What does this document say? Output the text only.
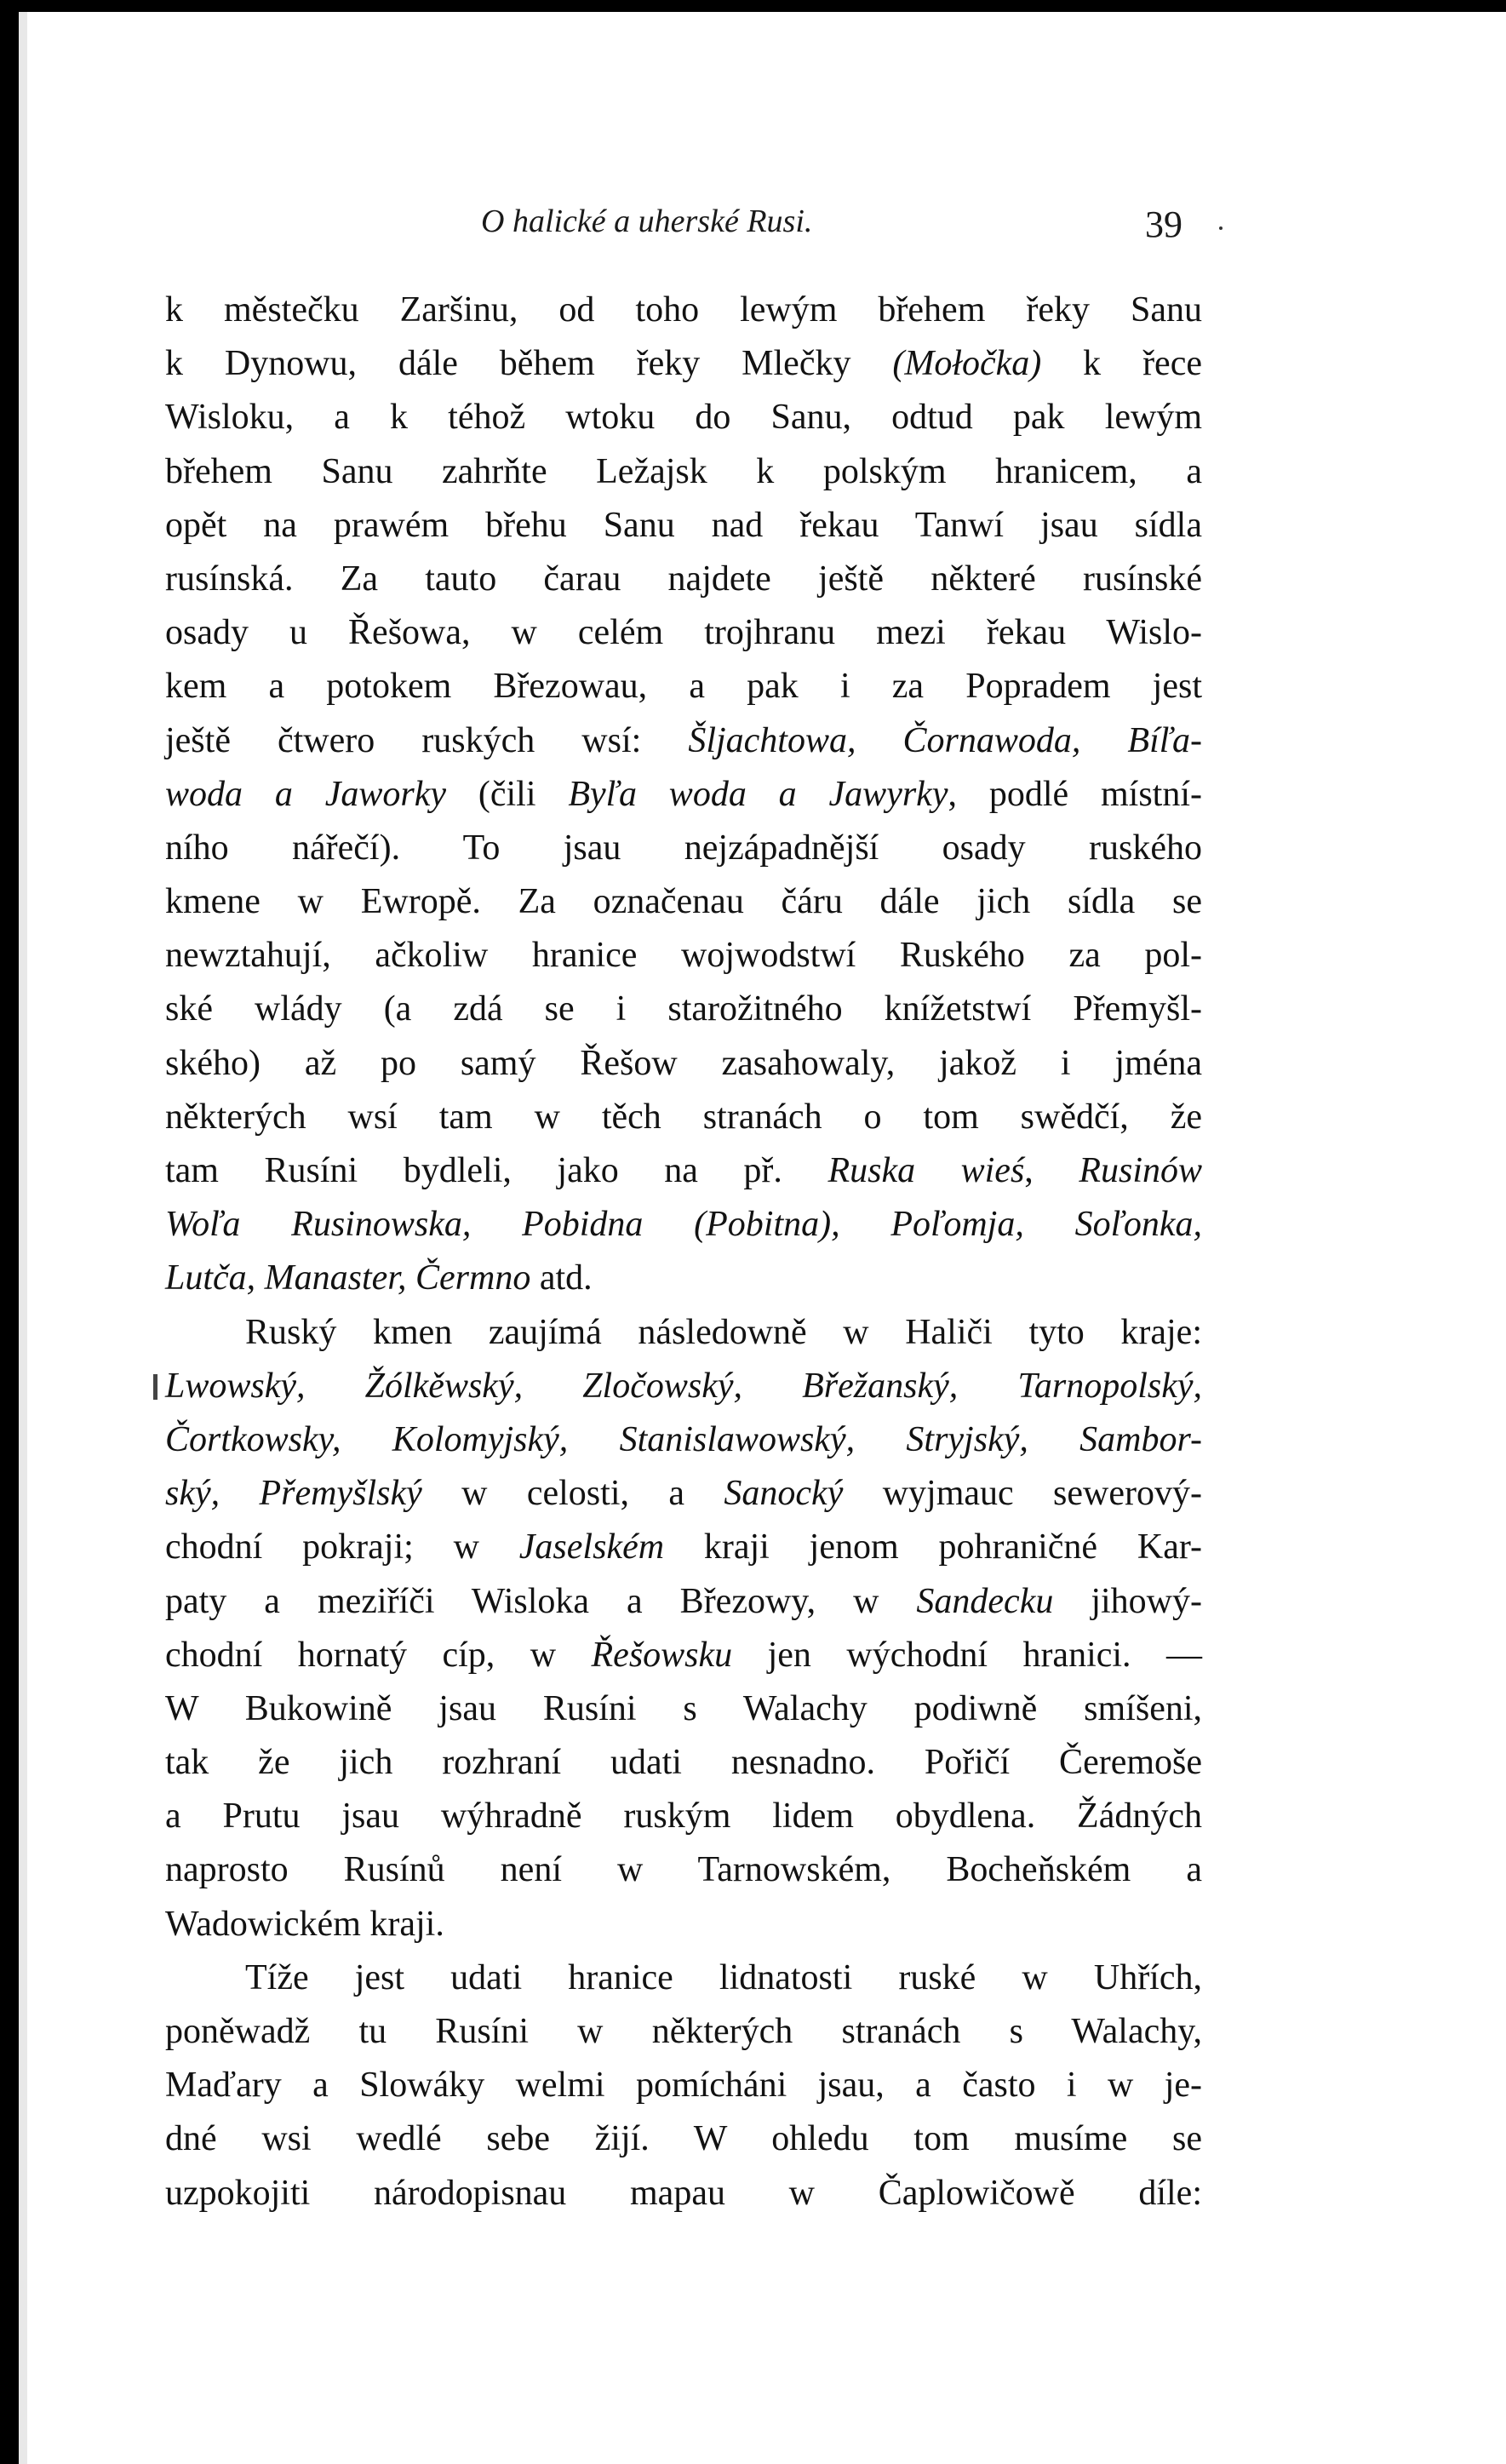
O halické a uherské Rusi.	39
k městečku Zaršinu, od toho lewým břehem řeky Sanu
k Dynowu, dále během řeky Mlečky (Mołočka) k řece
Wisloku, a k téhož wtoku do Sanu, odtud pak lewým
břehem Sanu zahrňte Ležajsk k polským hranicem, a
opět na prawém břehu Sanu nad řekau Tanwí jsau sídla
rusínská. Za tauto čarau najdete ještě některé rusínské
osady u Řešowa, w celém trojhranu mezi řekau Wislo-
kem a potokem Březowau, a pak i za Popradem jest
ještě čtwero ruských wsí: Šljachtowa, Čornawoda, Bíľa-
woda a Jaworky (čili Byľa woda a Jawyrky, podlé místní-
ního nářečí). To jsau nejzápadnější osady ruského
kmene w Ewropě. Za označenau čáru dále jich sídla se
newztahují, ačkoliw hranice wojwodstwí Ruského za pol-
ské wlády (a zdá se i starožitného knížetstwí Přemyšl-
ského) až po samý Řešow zasahowaly, jakož i jména
některých wsí tam w těch stranách o tom swědčí, že
tam Rusíni bydleli, jako na př. Ruska wieś, Rusinów
Woľa Rusinowska, Pobidna (Pobitna), Poľomja, Soľonka,
Lutča, Manaster, Čermno atd.
Ruský kmen zaujímá následowně w Haliči tyto kraje:
Lwowský, Žólkěwský, Zločowský, Břežanský, Tarnopolský,
Čortkowsky, Kolomyjský, Stanislawowský, Stryjský, Sambor-
ský, Přemyšlský w celosti, a Sanocký wyjmauc sewerový-
chodní pokraji; w Jaselském kraji jenom pohraničné Kar-
paty a meziříči Wisloka a Březowy, w Sandecku jihowý-
chodní hornatý cíp, w Řešowsku jen wýchodní hranici. —
W Bukowině jsau Rusíni s Walachy podiwně smíšeni,
tak že jich rozhraní udati nesnadno. Pořičí Čeremoše
a Prutu jsau wýhradně ruským lidem obydlena. Žádných
naprosto Rusínů není w Tarnowském, Bocheňském a
Wadowickém kraji.
Tíže jest udati hranice lidnatosti ruské w Uhřích,
poněwadž tu Rusíni w některých stranách s Walachy,
Maďary a Slowáky welmi pomícháni jsau, a často i w je-
dné wsi wedlé sebe žijí. W ohledu tom musíme se
uzpokojiti národopisnau mapau w Čaplowičowě díle:
